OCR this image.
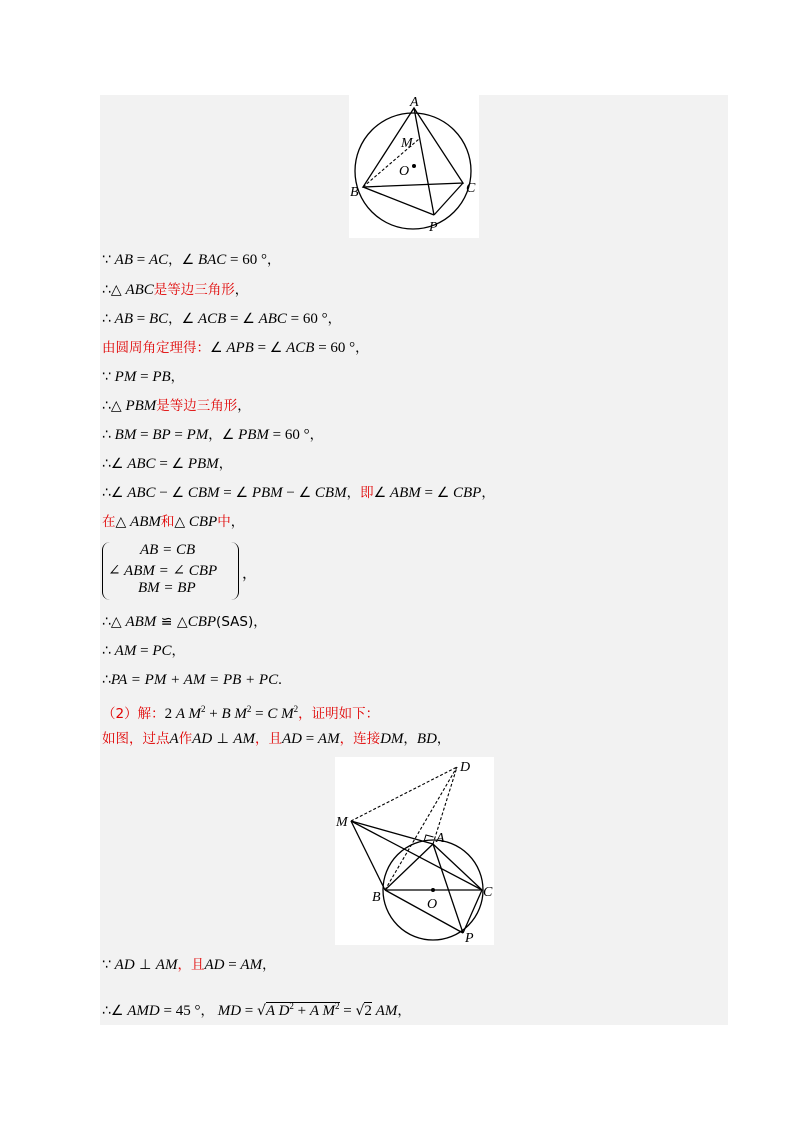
A
M
O
B	C
P
∵ AB = AC，∠ BAC = 60 °，
∴△ ABC是等边三角形，
∴ AB = BC，∠ ACB = ∠ ABC = 60 °，
由圆周角定理得：∠ APB = ∠ ACB = 60 °，
∵ PM = PB，
∴△ PBM是等边三角形，
∴ BM = BP = PM，∠ PBM = 60 °，
∴∠ ABC = ∠ PBM，
∴∠ ABC − ∠ CBM = ∠ PBM − ∠ CBM，即∠ ABM = ∠ CBP，
在△ ABM和△ CBP中，
AB = CB
∠ ABM = ∠ CBP
BM = BP
，
∴△ ABM ≌ △CBP(SAS)，
∴ AM = PC，
∴PA = PM + AM = PB + PC.
（2）解：2 A $M^2 + B$ $M^2 = C$ $M^2$，证明如下：
如图，过点A作AD ⊥ AM，且AD = AM，连接DM，BD，
D
M
A
B	O
C
P
∵ AD ⊥ AM，且AD = AM，
∴∠ AMD = 45 °， MD = √A $D^2 + A$ $M^2 = √2$ AM，
